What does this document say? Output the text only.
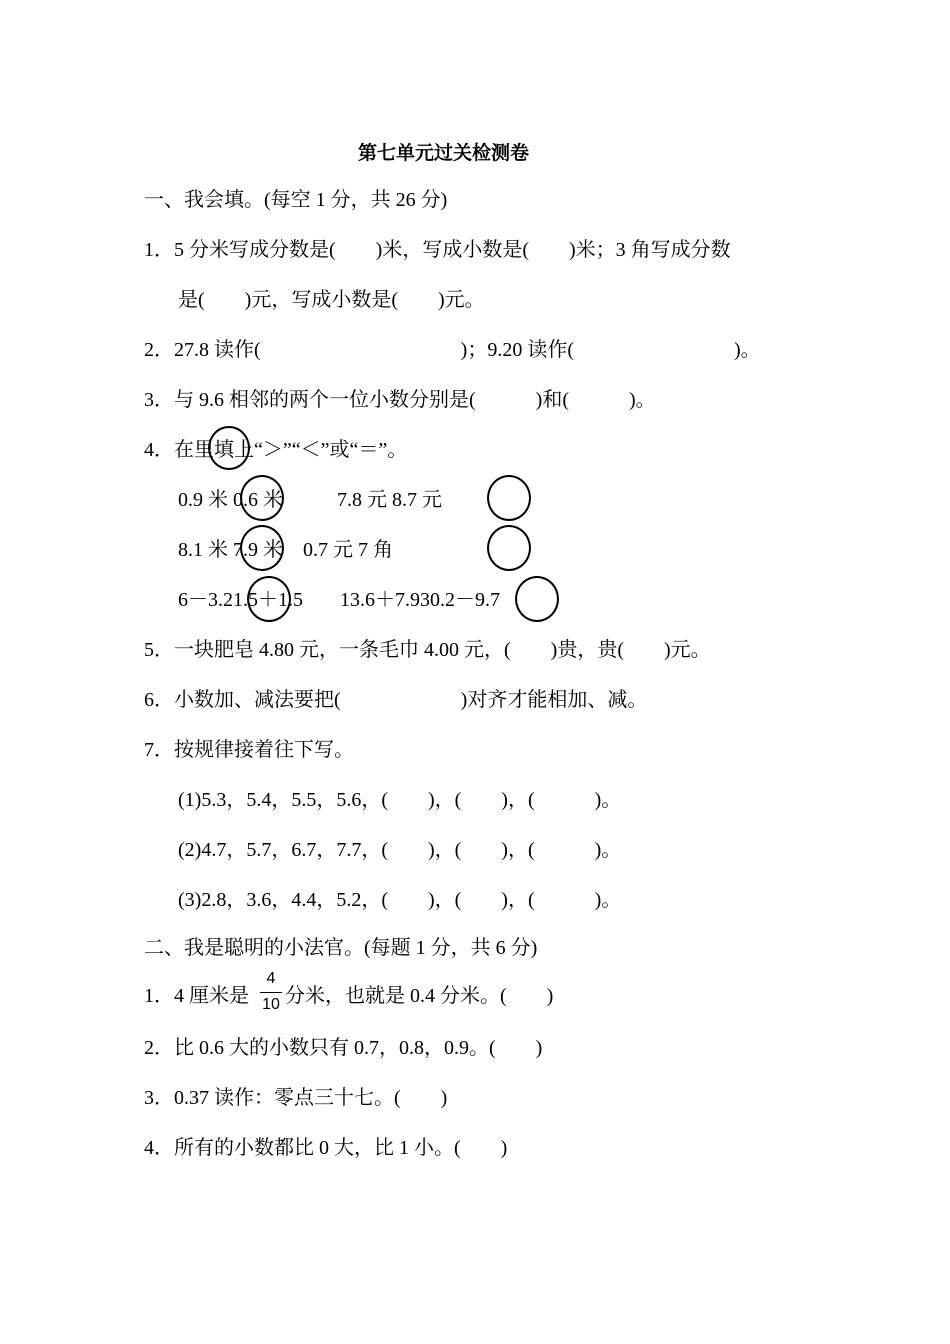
第七单元过关检测卷
一、我会填。(每空 1 分，共 26 分)
1．5 分米写成分数是(　　)米，写成小数是(　　)米；3 角写成分数
是(　　)元，写成小数是(　　)元。
2．27.8 读作(　　　　　　　　　　)；9.20 读作(　　　　　　　　)。
3．与 9.6 相邻的两个一位小数分别是(　　　)和(　　　)。
4．在里填上“＞”“＜”或“＝”。
0.9 米 0.6 米	7.8 元 8.7 元
8.1 米 7.9 米 0.7 元 7 角
6－3.21.5＋1.5 13.6＋7.930.2－9.7
5．一块肥皂 4.80 元，一条毛巾 4.00 元，(　　)贵，贵(　　)元。
6．小数加、减法要把(　　　　　　)对齐才能相加、减。
7．按规律接着往下写。
(1)5.3，5.4，5.5，5.6，(　　)，(　　)，(　　　)。
(2)4.7，5.7，6.7，7.7，(　　)，(　　)，(　　　)。
(3)2.8，3.6，4.4，5.2，(　　)，(　　)，(　　　)。
二、我是聪明的小法官。(每题 1 分，共 6 分)
1．4 厘米是
4
10 分米，也就是 0.4 分米。(　　)
2．比 0.6 大的小数只有 0.7，0.8，0.9。(　　)
3．0.37 读作：零点三十七。(　　)
4．所有的小数都比 0 大，比 1 小。(　　)
